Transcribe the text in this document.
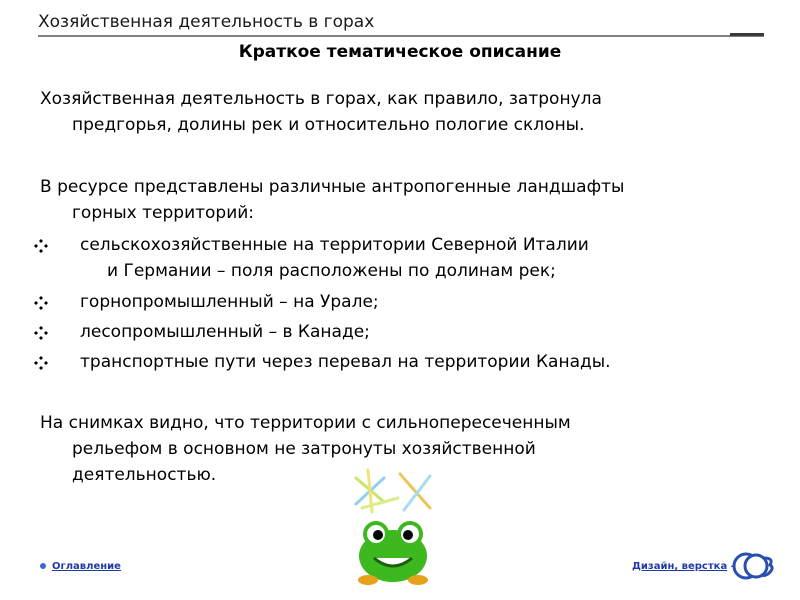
Хозяйственная деятельность в горах
Краткое тематическое описание
Хозяйственная деятельность в горах, как правило, затронула
предгорья, долины рек и относительно пологие склоны.
В ресурсе представлены различные антропогенные ландшафты
горных территорий:
сельскохозяйственные на территории Северной Италии
и Германии – поля расположены по долинам рек;
горнопромышленный – на Урале;
лесопромышленный – в Канаде;
транспортные пути через перевал на территории Канады.
На снимках видно, что территории с сильнопересеченным
рельефом в основном не затронуты хозяйственной
деятельностью.
Оглавление	Дизайн, верстка -
